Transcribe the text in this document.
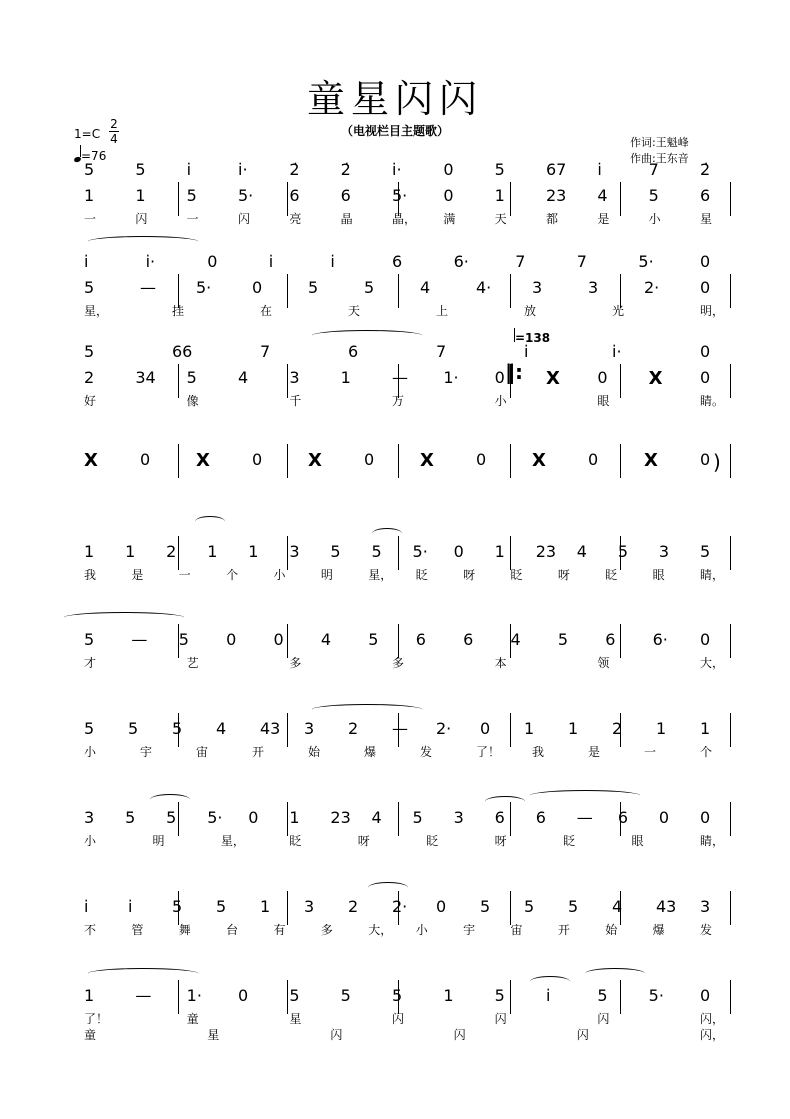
童星闪闪
（电视栏目主题歌）
作词:王魁峰
作曲:王东音
1=C
2
4
=76
=138
5	5	i̇	i̇·	2̇	2̇	i̇·	0	5	67 i̇	7	2̇
1	1	5	5· 6	6	5· 0	1	23 4	5	6
一	闪	一	闪	亮	晶	晶， 满	天	都	是	小	星
i̇	i̇·	0	i̇	i̇	6	6·	7	7	5·	0
5	—	5·	0	5	5	4	4·	3	3	2·	0
星，	挂	在	天	上	放	光	明，
5	66	7	6	7	i̇	i̇·	0
2	34 5	4	3	1	— 1· 0 X 0 X 0
好	像	千	万	小	眼	睛。
X	0	X	0	X	0	X	0	X	0	X	0
1 1 2 1 1 3 5 5 5· 0 1 23 4 5 3 5
我	是	一	个	小	明	星， 眨	呀	眨	呀	眨	眼	睛，
5 — 5 0 0 4 5 6 6 4 5 6 6· 0
才	艺	多	多	本	领	大，
5 5 5 4 43 3 2 — 2· 0 1 1 2 1 1
小	宇	宙	开	始	爆	发	了！	我	是	一	个
3 5 5 5· 0 1 23 4 5 3 6 6 — 6 0 0
小	明	星，	眨	呀	眨	呀	眨	眼	睛，
i̇ i̇ 5 5 1 3 2 2· 0 5 5 5 4 43 3
不	管	舞	台	有	多	大， 小	宇	宙	开	始	爆	发
1	— 1· 0	5	5	5	1	5	i̇	5	5· 0
了！	童	星	闪	闪	闪	闪，
童	星	闪	闪	闪	闪，
‖:
)
